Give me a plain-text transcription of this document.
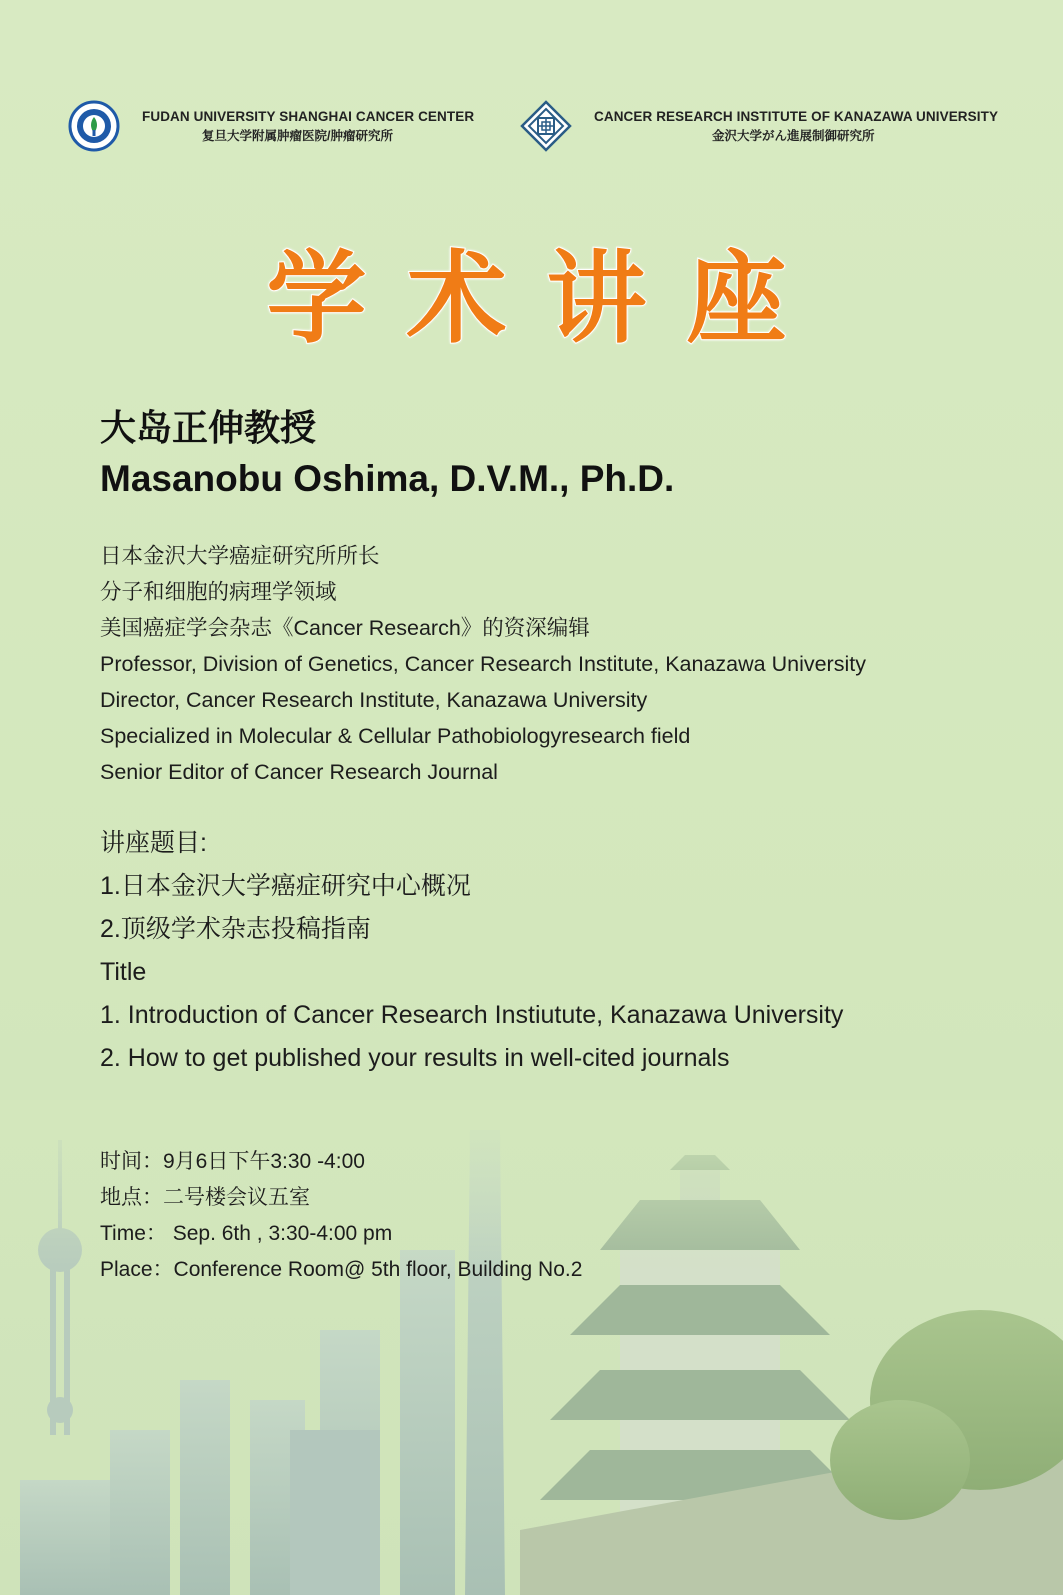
FUDAN UNIVERSITY SHANGHAI CANCER CENTER
复旦大学附属肿瘤医院/肿瘤研究所
CANCER RESEARCH INSTITUTE OF KANAZAWA UNIVERSITY
金沢大学がん進展制御研究所
学术讲座
大岛正伸教授
Masanobu Oshima, D.V.M., Ph.D.
日本金沢大学癌症研究所所长
分子和细胞的病理学领域
美国癌症学会杂志《Cancer Research》的资深编辑
Professor, Division of Genetics, Cancer Research Institute, Kanazawa University
Director, Cancer Research Institute, Kanazawa University
Specialized in Molecular & Cellular Pathobiologyresearch field
Senior Editor of Cancer Research Journal
讲座题目:
1.日本金沢大学癌症研究中心概况
2.顶级学术杂志投稿指南
Title
1. Introduction of Cancer Research Instiutute, Kanazawa University
2. How to get published your results in well-cited journals
时间：9月6日下午3:30 -4:00
地点：二号楼会议五室
Time： Sep. 6th , 3:30-4:00 pm
Place：Conference Room@ 5th floor, Building No.2
